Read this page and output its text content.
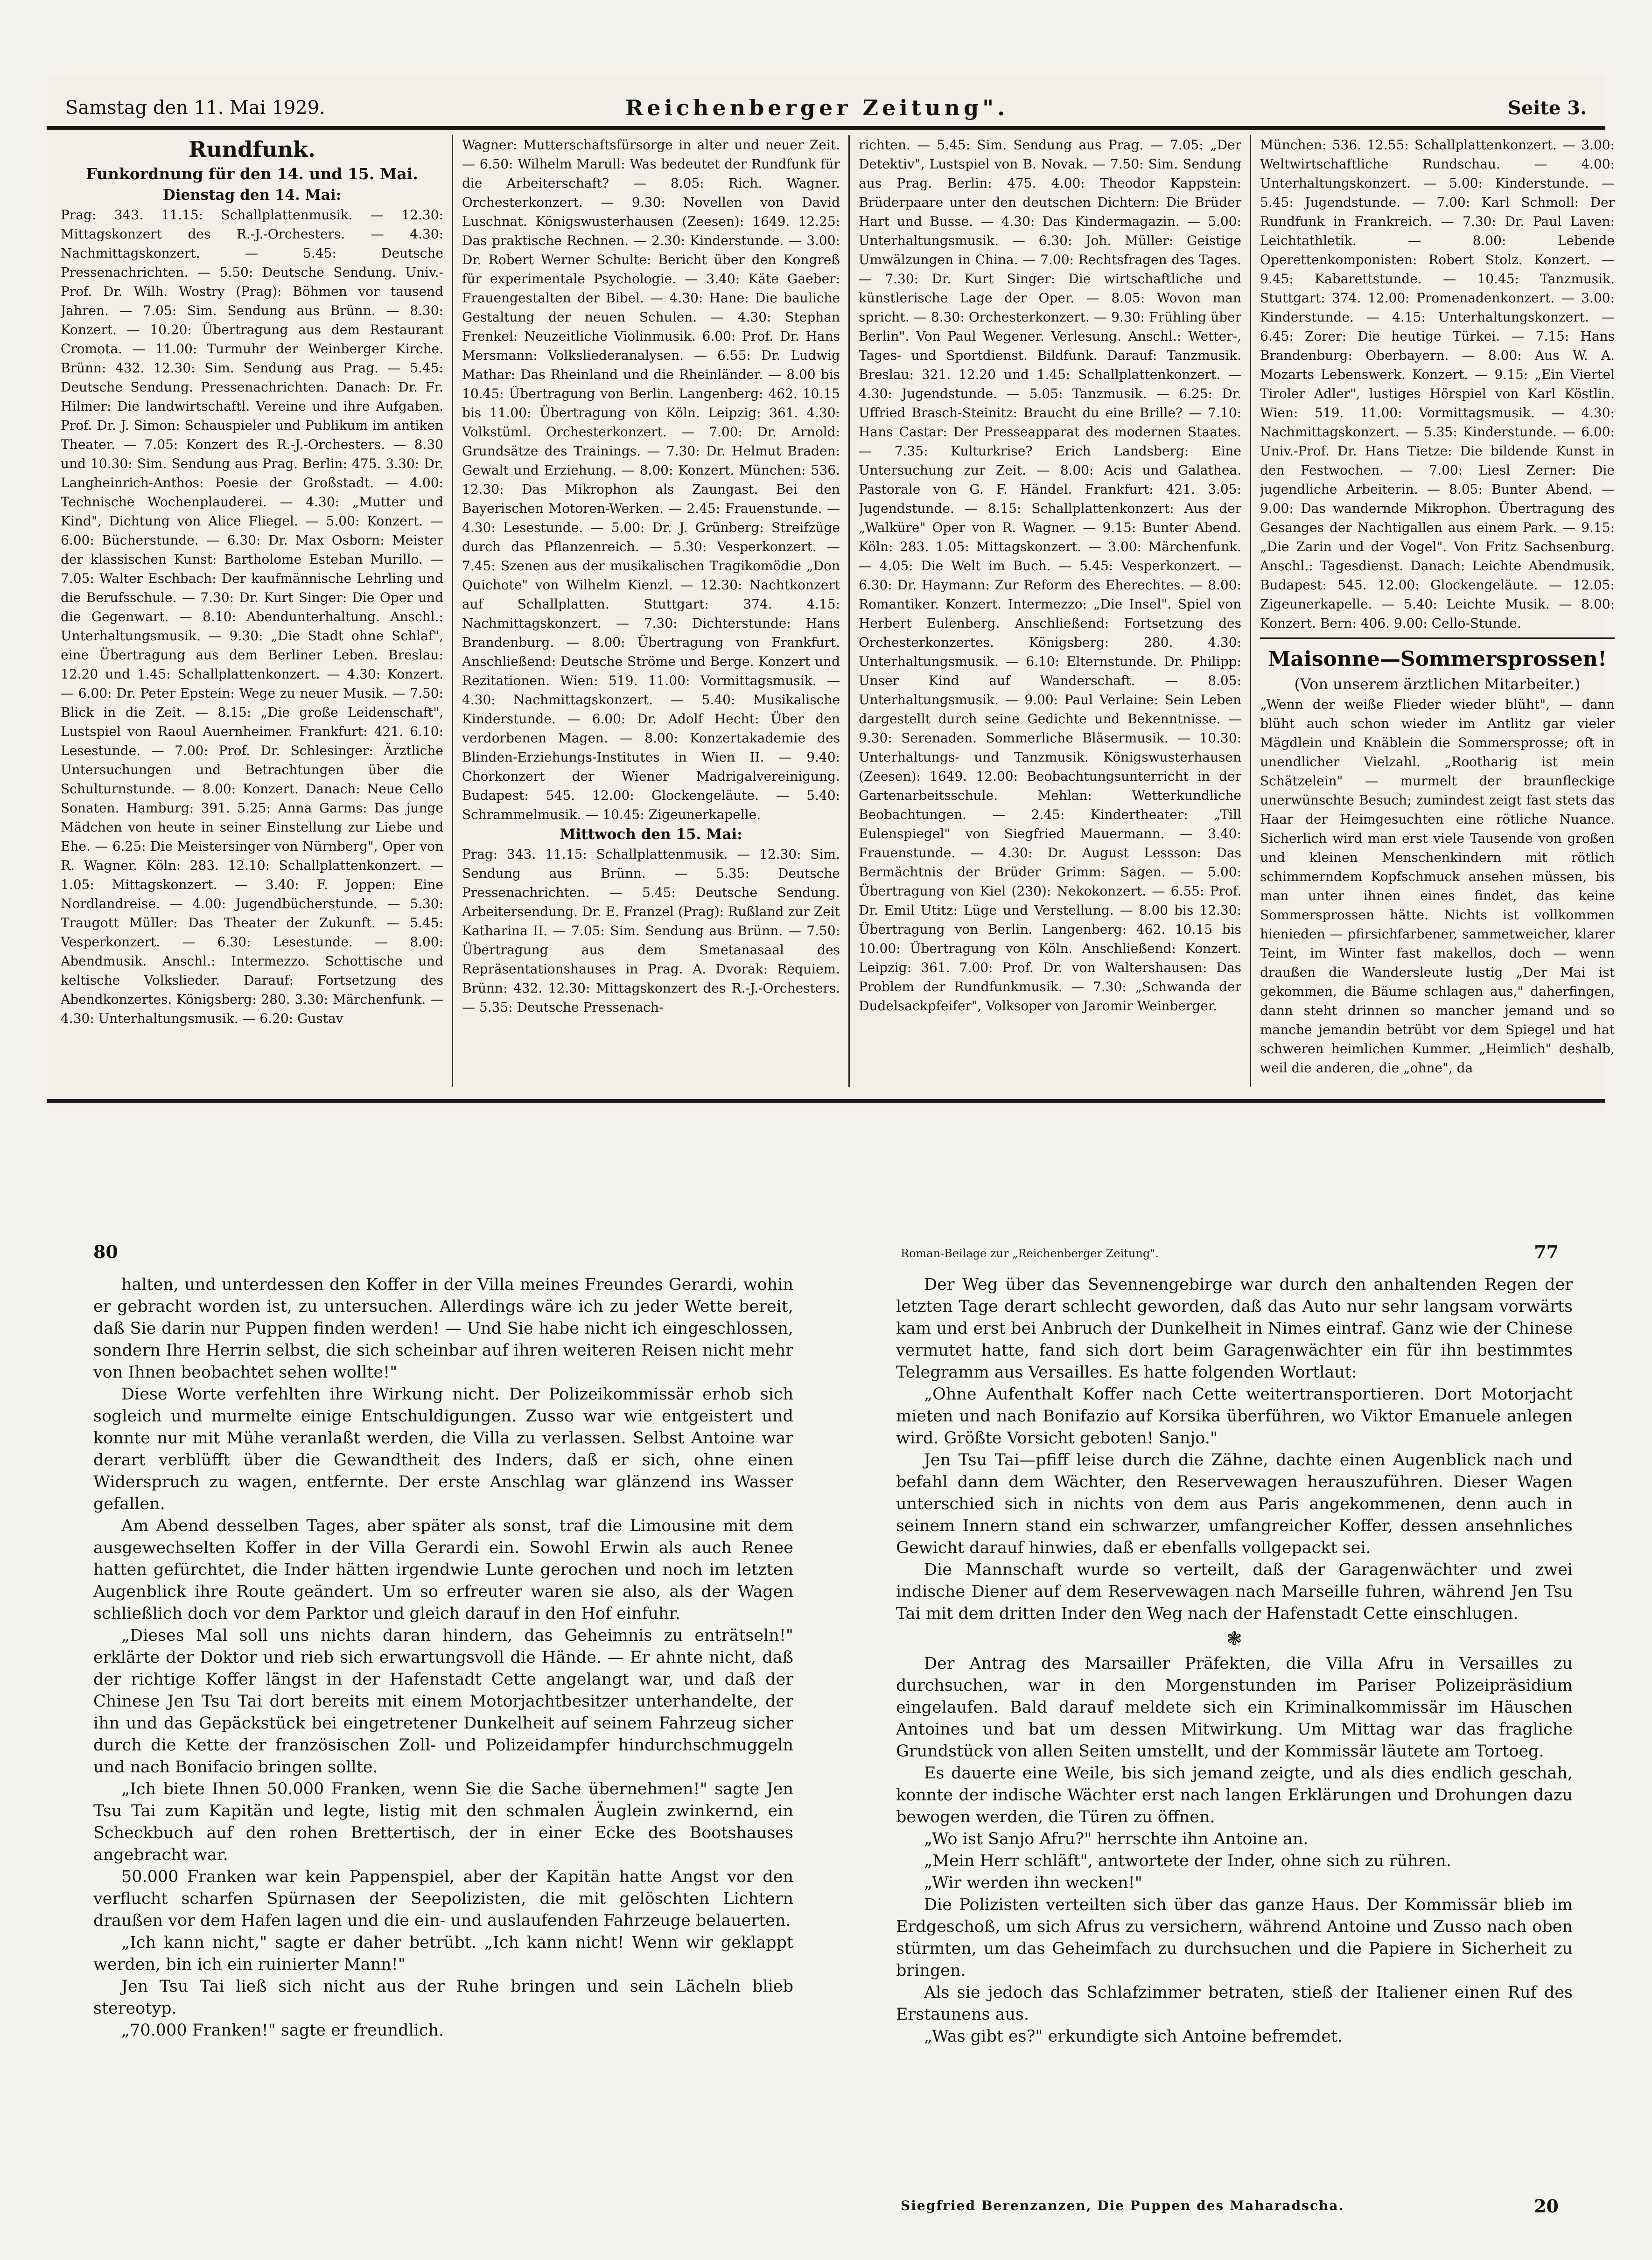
Samstag den 11. Mai 1929.	Reichenberger Zeitung".	Seite 3.
Rundfunk.
Funkordnung für den 14. und 15. Mai.
Dienstag den 14. Mai:

Prag: 343. 11.15: Schallplattenmusik. — 12.30: Mittagskonzert des R.-J.-Orchesters. — 4.30: Nachmittagskonzert. — 5.45: Deutsche Pressenachrichten. — 5.50: Deutsche Sendung. Univ.-Prof. Dr. Wilh. Wostry (Prag): Böhmen vor tausend Jahren. — 7.05: Sim. Sendung aus Brünn. — 8.30: Konzert. — 10.20: Übertragung aus dem Restaurant Cromota. — 11.00: Turmuhr der Weinberger Kirche. Brünn: 432. 12.30: Sim. Sendung aus Prag. — 5.45: Deutsche Sendung. Pressenachrichten. Danach: Dr. Fr. Hilmer: Die landwirtschaftl. Vereine und ihre Aufgaben. Prof. Dr. J. Simon: Schauspieler und Publikum im antiken Theater. — 7.05: Konzert des R.-J.-Orchesters. — 8.30 und 10.30: Sim. Sendung aus Prag. Berlin: 475. 3.30: Dr. Langheinrich-Anthos: Poesie der Großstadt. — 4.00: Technische Wochenplauderei. — 4.30: „Mutter und Kind", Dichtung von Alice Fliegel. — 5.00: Konzert. — 6.00: Bücherstunde. — 6.30: Dr. Max Osborn: Meister der klassischen Kunst: Bartholome Esteban Murillo. — 7.05: Walter Eschbach: Der kaufmännische Lehrling und die Berufsschule. — 7.30: Dr. Kurt Singer: Die Oper und die Gegenwart. — 8.10: Abendunterhaltung. Anschl.: Unterhaltungsmusik. — 9.30: „Die Stadt ohne Schlaf", eine Übertragung aus dem Berliner Leben. Breslau: 12.20 und 1.45: Schallplattenkonzert. — 4.30: Konzert. — 6.00: Dr. Peter Epstein: Wege zu neuer Musik. — 7.50: Blick in die Zeit. — 8.15: „Die große Leidenschaft", Lustspiel von Raoul Auernheimer. Frankfurt: 421. 6.10: Lesestunde. — 7.00: Prof. Dr. Schlesinger: Ärztliche Untersuchungen und Betrachtungen über die Schulturnstunde. — 8.00: Konzert. Danach: Neue Cello Sonaten. Hamburg: 391. 5.25: Anna Garms: Das junge Mädchen von heute in seiner Einstellung zur Liebe und Ehe. — 6.25: Die Meistersinger von Nürnberg", Oper von R. Wagner. Köln: 283. 12.10: Schallplattenkonzert. — 1.05: Mittagskonzert. — 3.40: F. Joppen: Eine Nordlandreise. — 4.00: Jugendbücherstunde. — 5.30: Traugott Müller: Das Theater der Zukunft. — 5.45: Vesperkonzert. — 6.30: Lesestunde. — 8.00: Abendmusik. Anschl.: Intermezzo. Schottische und keltische Volkslieder. Darauf: Fortsetzung des Abendkonzertes. Königsberg: 280. 3.30: Märchenfunk. — 4.30: Unterhaltungsmusik. — 6.20: Gustav

Wagner: Mutterschaftsfürsorge in alter und neuer Zeit. — 6.50: Wilhelm Marull: Was bedeutet der Rundfunk für die Arbeiterschaft? — 8.05: Rich. Wagner. Orchesterkonzert. — 9.30: Novellen von David Luschnat. Königswusterhausen (Zeesen): 1649. 12.25: Das praktische Rechnen. — 2.30: Kinderstunde. — 3.00: Dr. Robert Werner Schulte: Bericht über den Kongreß für experimentale Psychologie. — 3.40: Käte Gaeber: Frauengestalten der Bibel. — 4.30: Hane: Die bauliche Gestaltung der neuen Schulen. — 4.30: Stephan Frenkel: Neuzeitliche Violinmusik. 6.00: Prof. Dr. Hans Mersmann: Volksliederanalysen. — 6.55: Dr. Ludwig Mathar: Das Rheinland und die Rheinländer. — 8.00 bis 10.45: Übertragung von Berlin. Langenberg: 462. 10.15 bis 11.00: Übertragung von Köln. Leipzig: 361. 4.30: Volkstüml. Orchesterkonzert. — 7.00: Dr. Arnold: Grundsätze des Trainings. — 7.30: Dr. Helmut Braden: Gewalt und Erziehung. — 8.00: Konzert. München: 536. 12.30: Das Mikrophon als Zaungast. Bei den Bayerischen Motoren-Werken. — 2.45: Frauenstunde. — 4.30: Lesestunde. — 5.00: Dr. J. Grünberg: Streifzüge durch das Pflanzenreich. — 5.30: Vesperkonzert. — 7.45: Szenen aus der musikalischen Tragikomödie „Don Quichote" von Wilhelm Kienzl. — 12.30: Nachtkonzert auf Schallplatten. Stuttgart: 374. 4.15: Nachmittagskonzert. — 7.30: Dichterstunde: Hans Brandenburg. — 8.00: Übertragung von Frankfurt. Anschließend: Deutsche Ströme und Berge. Konzert und Rezitationen. Wien: 519. 11.00: Vormittagsmusik. — 4.30: Nachmittagskonzert. — 5.40: Musikalische Kinderstunde. — 6.00: Dr. Adolf Hecht: Über den verdorbenen Magen. — 8.00: Konzertakademie des Blinden-Erziehungs-Institutes in Wien II. — 9.40: Chorkonzert der Wiener Madrigalvereinigung. Budapest: 545. 12.00: Glockengeläute. — 5.40: Schrammelmusik. — 10.45: Zigeunerkapelle.

Mittwoch den 15. Mai:

Prag: 343. 11.15: Schallplattenmusik. — 12.30: Sim. Sendung aus Brünn. — 5.35: Deutsche Pressenachrichten. — 5.45: Deutsche Sendung. Arbeitersendung. Dr. E. Franzel (Prag): Rußland zur Zeit Katharina II. — 7.05: Sim. Sendung aus Brünn. — 7.50: Übertragung aus dem Smetanasaal des Repräsentationshauses in Prag. A. Dvorak: Requiem. Brünn: 432. 12.30: Mittagskonzert des R.-J.-Orchesters. — 5.35: Deutsche Pressenach-

richten. — 5.45: Sim. Sendung aus Prag. — 7.05: „Der Detektiv", Lustspiel von B. Novak. — 7.50: Sim. Sendung aus Prag. Berlin: 475. 4.00: Theodor Kappstein: Brüderpaare unter den deutschen Dichtern: Die Brüder Hart und Busse. — 4.30: Das Kindermagazin. — 5.00: Unterhaltungsmusik. — 6.30: Joh. Müller: Geistige Umwälzungen in China. — 7.00: Rechtsfragen des Tages. — 7.30: Dr. Kurt Singer: Die wirtschaftliche und künstlerische Lage der Oper. — 8.05: Wovon man spricht. — 8.30: Orchesterkonzert. — 9.30: Frühling über Berlin". Von Paul Wegener. Verlesung. Anschl.: Wetter-, Tages- und Sportdienst. Bildfunk. Darauf: Tanzmusik. Breslau: 321. 12.20 und 1.45: Schallplattenkonzert. — 4.30: Jugendstunde. — 5.05: Tanzmusik. — 6.25: Dr. Uffried Brasch-Steinitz: Braucht du eine Brille? — 7.10: Hans Castar: Der Presseapparat des modernen Staates. — 7.35: Kulturkrise? Erich Landsberg: Eine Untersuchung zur Zeit. — 8.00: Acis und Galathea. Pastorale von G. F. Händel. Frankfurt: 421. 3.05: Jugendstunde. — 8.15: Schallplattenkonzert: Aus der „Walküre" Oper von R. Wagner. — 9.15: Bunter Abend. Köln: 283. 1.05: Mittagskonzert. — 3.00: Märchenfunk. — 4.05: Die Welt im Buch. — 5.45: Vesperkonzert. — 6.30: Dr. Haymann: Zur Reform des Eherechtes. — 8.00: Romantiker. Konzert. Intermezzo: „Die Insel". Spiel von Herbert Eulenberg. Anschließend: Fortsetzung des Orchesterkonzertes. Königsberg: 280. 4.30: Unterhaltungsmusik. — 6.10: Elternstunde. Dr. Philipp: Unser Kind auf Wanderschaft. — 8.05: Unterhaltungsmusik. — 9.00: Paul Verlaine: Sein Leben dargestellt durch seine Gedichte und Bekenntnisse. — 9.30: Serenaden. Sommerliche Bläsermusik. — 10.30: Unterhaltungs- und Tanzmusik. Königswusterhausen (Zeesen): 1649. 12.00: Beobachtungsunterricht in der Gartenarbeitsschule. Mehlan: Wetterkundliche Beobachtungen. — 2.45: Kindertheater: „Till Eulenspiegel" von Siegfried Mauermann. — 3.40: Frauenstunde. — 4.30: Dr. August Lessson: Das Bermächtnis der Brüder Grimm: Sagen. — 5.00: Übertragung von Kiel (230): Nekokonzert. — 6.55: Prof. Dr. Emil Utitz: Lüge und Verstellung. — 8.00 bis 12.30: Übertragung von Berlin. Langenberg: 462. 10.15 bis 10.00: Übertragung von Köln. Anschließend: Konzert. Leipzig: 361. 7.00: Prof. Dr. von Waltershausen: Das Problem der Rundfunkmusik. — 7.30: „Schwanda der Dudelsackpfeifer", Volksoper von Jaromir Weinberger.

München: 536. 12.55: Schallplattenkonzert. — 3.00: Weltwirtschaftliche Rundschau. — 4.00: Unterhaltungskonzert. — 5.00: Kinderstunde. — 5.45: Jugendstunde. — 7.00: Karl Schmoll: Der Rundfunk in Frankreich. — 7.30: Dr. Paul Laven: Leichtathletik. — 8.00: Lebende Operettenkomponisten: Robert Stolz. Konzert. — 9.45: Kabarettstunde. — 10.45: Tanzmusik. Stuttgart: 374. 12.00: Promenadenkonzert. — 3.00: Kinderstunde. — 4.15: Unterhaltungskonzert. — 6.45: Zorer: Die heutige Türkei. — 7.15: Hans Brandenburg: Oberbayern. — 8.00: Aus W. A. Mozarts Lebenswerk. Konzert. — 9.15: „Ein Viertel Tiroler Adler", lustiges Hörspiel von Karl Köstlin. Wien: 519. 11.00: Vormittagsmusik. — 4.30: Nachmittagskonzert. — 5.35: Kinderstunde. — 6.00: Univ.-Prof. Dr. Hans Tietze: Die bildende Kunst in den Festwochen. — 7.00: Liesl Zerner: Die jugendliche Arbeiterin. — 8.05: Bunter Abend. — 9.00: Das wandernde Mikrophon. Übertragung des Gesanges der Nachtigallen aus einem Park. — 9.15: „Die Zarin und der Vogel". Von Fritz Sachsenburg. Anschl.: Tagesdienst. Danach: Leichte Abendmusik. Budapest: 545. 12.00: Glockengeläute. — 12.05: Zigeunerkapelle. — 5.40: Leichte Musik. — 8.00: Konzert. Bern: 406. 9.00: Cello-Stunde.

Maisonne—Sommersprossen!
(Von unserem ärztlichen Mitarbeiter.)

„Wenn der weiße Flieder wieder blüht", — dann blüht auch schon wieder im Antlitz gar vieler Mägdlein und Knäblein die Sommersprosse; oft in unendlicher Vielzahl. „Rootharig ist mein Schätzelein" — murmelt der braunfleckige unerwünschte Besuch; zumindest zeigt fast stets das Haar der Heimgesuchten eine rötliche Nuance. Sicherlich wird man erst viele Tausende von großen und kleinen Menschenkindern mit rötlich schimmerndem Kopfschmuck ansehen müssen, bis man unter ihnen eines findet, das keine Sommersprossen hätte. Nichts ist vollkommen hienieden — pfirsichfarbener, sammetweicher, klarer Teint, im Winter fast makellos, doch — wenn draußen die Wandersleute lustig „Der Mai ist gekommen, die Bäume schlagen aus," daherfingen, dann steht drinnen so mancher jemand und so manche jemandin betrübt vor dem Spiegel und hat schweren heimlichen Kummer. „Heimlich" deshalb, weil die anderen, die „ohne", da

80	Roman-Beilage zur „Reichenberger Zeitung".	77

halten, und unterdessen den Koffer in der Villa meines Freundes Gerardi, wohin er gebracht worden ist, zu untersuchen. Allerdings wäre ich zu jeder Wette bereit, daß Sie darin nur Puppen finden werden! — Und Sie habe nicht ich eingeschlossen, sondern Ihre Herrin selbst, die sich scheinbar auf ihren weiteren Reisen nicht mehr von Ihnen beobachtet sehen wollte!"

Diese Worte verfehlten ihre Wirkung nicht. Der Polizeikommissär erhob sich sogleich und murmelte einige Entschuldigungen. Zusso war wie entgeistert und konnte nur mit Mühe veranlaßt werden, die Villa zu verlassen. Selbst Antoine war derart verblüfft über die Gewandtheit des Inders, daß er sich, ohne einen Widerspruch zu wagen, entfernte. Der erste Anschlag war glänzend ins Wasser gefallen.

Am Abend desselben Tages, aber später als sonst, traf die Limousine mit dem ausgewechselten Koffer in der Villa Gerardi ein. Sowohl Erwin als auch Renee hatten gefürchtet, die Inder hätten irgendwie Lunte gerochen und noch im letzten Augenblick ihre Route geändert. Um so erfreuter waren sie also, als der Wagen schließlich doch vor dem Parktor und gleich darauf in den Hof einfuhr.

„Dieses Mal soll uns nichts daran hindern, das Geheimnis zu enträtseln!" erklärte der Doktor und rieb sich erwartungsvoll die Hände. — Er ahnte nicht, daß der richtige Koffer längst in der Hafenstadt Cette angelangt war, und daß der Chinese Jen Tsu Tai dort bereits mit einem Motorjachtbesitzer unterhandelte, der ihn und das Gepäckstück bei eingetretener Dunkelheit auf seinem Fahrzeug sicher durch die Kette der französischen Zoll- und Polizeidampfer hindurchschmuggeln und nach Bonifacio bringen sollte.

„Ich biete Ihnen 50.000 Franken, wenn Sie die Sache übernehmen!" sagte Jen Tsu Tai zum Kapitän und legte, listig mit den schmalen Äuglein zwinkernd, ein Scheckbuch auf den rohen Brettertisch, der in einer Ecke des Bootshauses angebracht war.

50.000 Franken war kein Pappenspiel, aber der Kapitän hatte Angst vor den verflucht scharfen Spürnasen der Seepolizisten, die mit gelöschten Lichtern draußen vor dem Hafen lagen und die ein- und auslaufenden Fahrzeuge belauerten.

„Ich kann nicht," sagte er daher betrübt. „Ich kann nicht! Wenn wir geklappt werden, bin ich ein ruinierter Mann!"

Jen Tsu Tai ließ sich nicht aus der Ruhe bringen und sein Lächeln blieb stereotyp.

„70.000 Franken!" sagte er freundlich.

Der Weg über das Sevennengebirge war durch den anhaltenden Regen der letzten Tage derart schlecht geworden, daß das Auto nur sehr langsam vorwärts kam und erst bei Anbruch der Dunkelheit in Nimes eintraf. Ganz wie der Chinese vermutet hatte, fand sich dort beim Garagenwächter ein für ihn bestimmtes Telegramm aus Versailles. Es hatte folgenden Wortlaut:

„Ohne Aufenthalt Koffer nach Cette weitertransportieren. Dort Motorjacht mieten und nach Bonifazio auf Korsika überführen, wo Viktor Emanuele anlegen wird. Größte Vorsicht geboten! Sanjo."

Jen Tsu Tai—pfiff leise durch die Zähne, dachte einen Augenblick nach und befahl dann dem Wächter, den Reservewagen herauszuführen. Dieser Wagen unterschied sich in nichts von dem aus Paris angekommenen, denn auch in seinem Innern stand ein schwarzer, umfangreicher Koffer, dessen ansehnliches Gewicht darauf hinwies, daß er ebenfalls vollgepackt sei.

Die Mannschaft wurde so verteilt, daß der Garagenwächter und zwei indische Diener auf dem Reservewagen nach Marseille fuhren, während Jen Tsu Tai mit dem dritten Inder den Weg nach der Hafenstadt Cette einschlugen.

❃

Der Antrag des Marsailler Präfekten, die Villa Afru in Versailles zu durchsuchen, war in den Morgenstunden im Pariser Polizeipräsidium eingelaufen. Bald darauf meldete sich ein Kriminalkommissär im Häuschen Antoines und bat um dessen Mitwirkung. Um Mittag war das fragliche Grundstück von allen Seiten umstellt, und der Kommissär läutete am Tortoeg.

Es dauerte eine Weile, bis sich jemand zeigte, und als dies endlich geschah, konnte der indische Wächter erst nach langen Erklärungen und Drohungen dazu bewogen werden, die Türen zu öffnen.

„Wo ist Sanjo Afru?" herrschte ihn Antoine an.

„Mein Herr schläft", antwortete der Inder, ohne sich zu rühren.

„Wir werden ihn wecken!"

Die Polizisten verteilten sich über das ganze Haus. Der Kommissär blieb im Erdgeschoß, um sich Afrus zu versichern, während Antoine und Zusso nach oben stürmten, um das Geheimfach zu durchsuchen und die Papiere in Sicherheit zu bringen.

Als sie jedoch das Schlafzimmer betraten, stieß der Italiener einen Ruf des Erstaunens aus.

„Was gibt es?" erkundigte sich Antoine befremdet.

Siegfried Berenzanzen, Die Puppen des Maharadscha.	20
